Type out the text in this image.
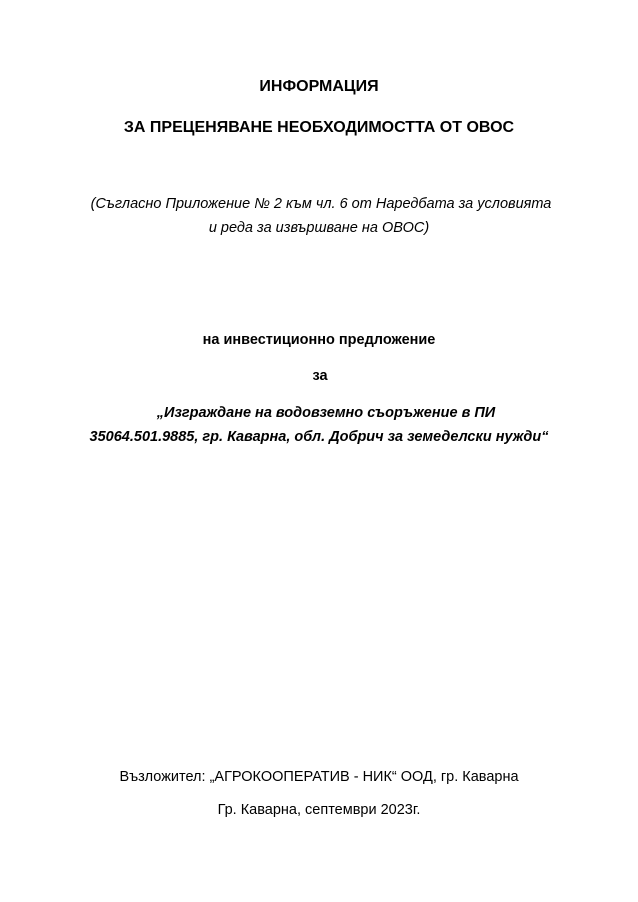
ИНФОРМАЦИЯ
ЗА ПРЕЦЕНЯВАНЕ НЕОБХОДИМОСТТА ОТ ОВОС
(Съгласно Приложение № 2 към чл. 6 от Наредбата за условията
и реда за извършване на ОВОС)
на инвестиционно предложение
за
„Изграждане на водовземно съоръжение в ПИ
35064.501.9885, гр. Каварна, обл. Добрич за земеделски нужди“
Възложител: „АГРОКООПЕРАТИВ - НИК“ ООД, гр. Каварна
Гр. Каварна, септември 2023г.
